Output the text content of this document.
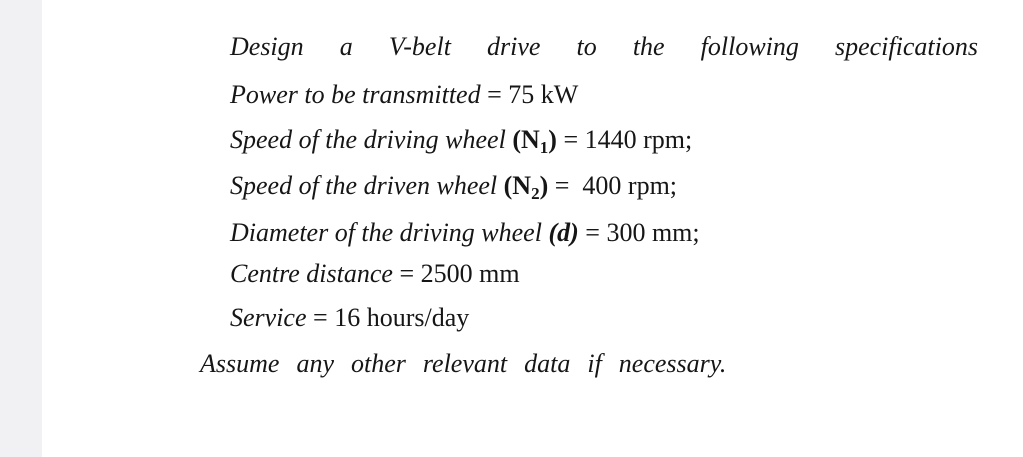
Design a V-belt drive to the following specifications
Power to be transmitted = 75 kW
Speed of the driving wheel $(N_1) = 1440$ rpm;
Speed of the driven wheel $(N_2) = 400$ rpm;
Diameter of the driving wheel (d) = 300 mm;
Centre distance = 2500 mm
Service = 16 hours/day
Assume any other relevant data if necessary.
